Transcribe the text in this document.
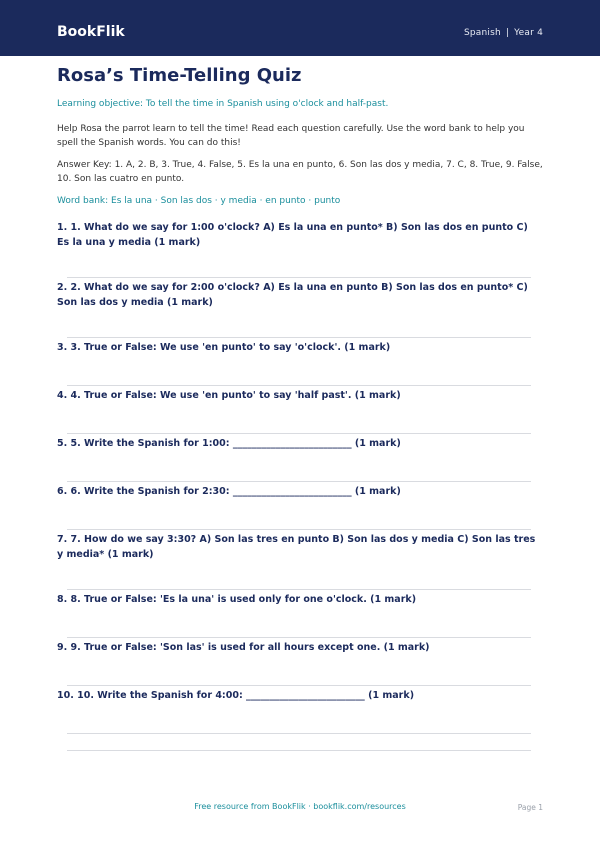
BookFlik	Spanish | Year 4
Rosa’s Time-Telling Quiz
Learning objective: To tell the time in Spanish using o'clock and half-past.
Help Rosa the parrot learn to tell the time! Read each question carefully. Use the word bank to help you spell the Spanish words. You can do this!
Answer Key: 1. A, 2. B, 3. True, 4. False, 5. Es la una en punto, 6. Son las dos y media, 7. C, 8. True, 9. False, 10. Son las cuatro en punto.
Word bank: Es la una · Son las dos · y media · en punto · punto
1. 1. What do we say for 1:00 o'clock? A) Es la una en punto* B) Son las dos en punto C) Es la una y media (1 mark)
2. 2. What do we say for 2:00 o'clock? A) Es la una en punto B) Son las dos en punto* C) Son las dos y media (1 mark)
3. 3. True or False: We use 'en punto' to say 'o'clock'. (1 mark)
4. 4. True or False: We use 'en punto' to say 'half past'. (1 mark)
5. 5. Write the Spanish for 1:00: _________________________ (1 mark)
6. 6. Write the Spanish for 2:30: _________________________ (1 mark)
7. 7. How do we say 3:30? A) Son las tres en punto B) Son las dos y media C) Son las tres y media* (1 mark)
8. 8. True or False: 'Es la una' is used only for one o'clock. (1 mark)
9. 9. True or False: 'Son las' is used for all hours except one. (1 mark)
10. 10. Write the Spanish for 4:00: _________________________ (1 mark)
Free resource from BookFlik · bookflik.com/resources	Page 1
